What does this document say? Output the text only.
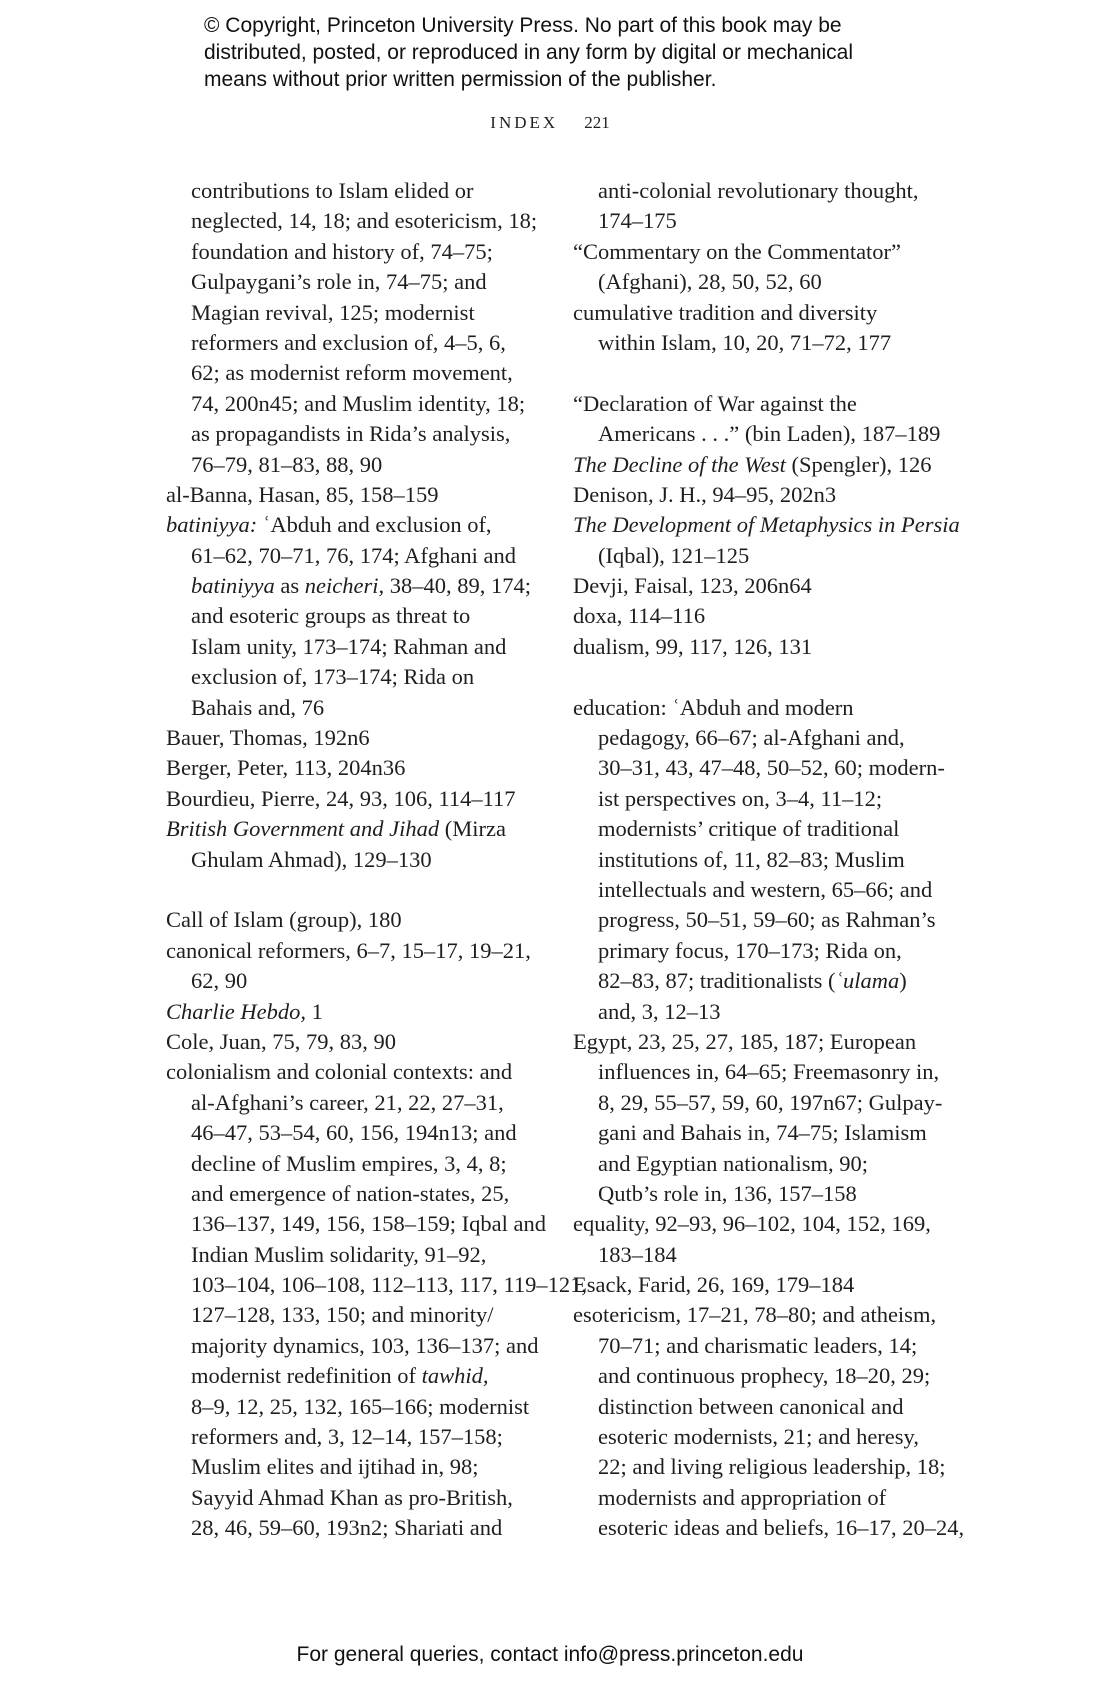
© Copyright, Princeton University Press. No part of this book may be
distributed, posted, or reproduced in any form by digital or mechanical
means without prior written permission of the publisher.
INDEX 221
contributions to Islam elided or
neglected, 14, 18; and esotericism, 18;
foundation and history of, 74–75;
Gulpaygani’s role in, 74–75; and
Magian revival, 125; modernist
reformers and exclusion of, 4–5, 6,
62; as modernist reform movement,
74, 200n45; and Muslim identity, 18;
as propagandists in Rida’s analysis,
76–79, 81–83, 88, 90
al-Banna, Hasan, 85, 158–159
batiniyya: ʿAbduh and exclusion of,
61–62, 70–71, 76, 174; Afghani and
batiniyya as neicheri, 38–40, 89, 174;
and esoteric groups as threat to
Islam unity, 173–174; Rahman and
exclusion of, 173–174; Rida on
Bahais and, 76
Bauer, Thomas, 192n6
Berger, Peter, 113, 204n36
Bourdieu, Pierre, 24, 93, 106, 114–117
British Government and Jihad (Mirza
Ghulam Ahmad), 129–130
Call of Islam (group), 180
canonical reformers, 6–7, 15–17, 19–21,
62, 90
Charlie Hebdo, 1
Cole, Juan, 75, 79, 83, 90
colonialism and colonial contexts: and
al-Afghani’s career, 21, 22, 27–31,
46–47, 53–54, 60, 156, 194n13; and
decline of Muslim empires, 3, 4, 8;
and emergence of nation-states, 25,
136–137, 149, 156, 158–159; Iqbal and
Indian Muslim solidarity, 91–92,
103–104, 106–108, 112–113, 117, 119–121,
127–128, 133, 150; and minority/
majority dynamics, 103, 136–137; and
modernist redefinition of tawhid,
8–9, 12, 25, 132, 165–166; modernist
reformers and, 3, 12–14, 157–158;
Muslim elites and ijtihad in, 98;
Sayyid Ahmad Khan as pro-British,
28, 46, 59–60, 193n2; Shariati and
anti-colonial revolutionary thought,
174–175
“Commentary on the Commentator”
(Afghani), 28, 50, 52, 60
cumulative tradition and diversity
within Islam, 10, 20, 71–72, 177
“Declaration of War against the
Americans . . .” (bin Laden), 187–189
The Decline of the West (Spengler), 126
Denison, J. H., 94–95, 202n3
The Development of Metaphysics in Persia
(Iqbal), 121–125
Devji, Faisal, 123, 206n64
doxa, 114–116
dualism, 99, 117, 126, 131
education: ʿAbduh and modern
pedagogy, 66–67; al-Afghani and,
30–31, 43, 47–48, 50–52, 60; modern-
ist perspectives on, 3–4, 11–12;
modernists’ critique of traditional
institutions of, 11, 82–83; Muslim
intellectuals and western, 65–66; and
progress, 50–51, 59–60; as Rahman’s
primary focus, 170–173; Rida on,
82–83, 87; traditionalists (ʿulama)
and, 3, 12–13
Egypt, 23, 25, 27, 185, 187; European
influences in, 64–65; Freemasonry in,
8, 29, 55–57, 59, 60, 197n67; Gulpay-
gani and Bahais in, 74–75; Islamism
and Egyptian nationalism, 90;
Qutb’s role in, 136, 157–158
equality, 92–93, 96–102, 104, 152, 169,
183–184
Esack, Farid, 26, 169, 179–184
esotericism, 17–21, 78–80; and atheism,
70–71; and charismatic leaders, 14;
and continuous prophecy, 18–20, 29;
distinction between canonical and
esoteric modernists, 21; and heresy,
22; and living religious leadership, 18;
modernists and appropriation of
esoteric ideas and beliefs, 16–17, 20–24,
For general queries, contact info@press.princeton.edu
